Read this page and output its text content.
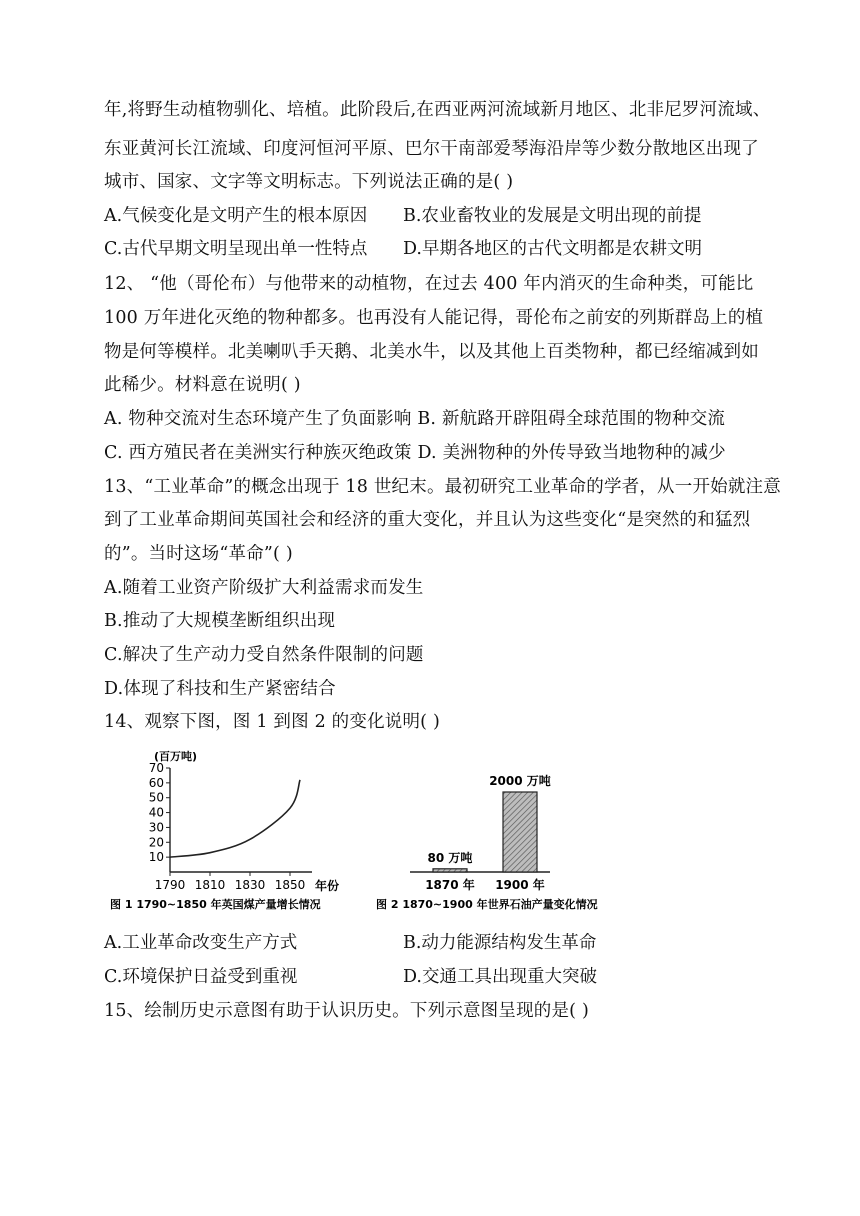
年,将野生动植物驯化、培植。此阶段后,在西亚两河流域新月地区、北非尼罗河流域、
东亚黄河长江流域、印度河恒河平原、巴尔干南部爱琴海沿岸等少数分散地区出现了
城市、国家、文字等文明标志。下列说法正确的是( )
A.气候变化是文明产生的根本原因 B.农业畜牧业的发展是文明出现的前提
C.古代早期文明呈现出单一性特点 D.早期各地区的古代文明都是农耕文明
12、 “他（哥伦布）与他带来的动植物，在过去 400 年内消灭的生命种类，可能比
100 万年进化灭绝的物种都多。也再没有人能记得，哥伦布之前安的列斯群岛上的植
物是何等模样。北美喇叭手天鹅、北美水牛，以及其他上百类物种，都已经缩减到如
此稀少。材料意在说明( )
A. 物种交流对生态环境产生了负面影响 B. 新航路开辟阻碍全球范围的物种交流
C. 西方殖民者在美洲实行种族灭绝政策 D. 美洲物种的外传导致当地物种的减少
13、“工业革命”的概念出现于 18 世纪末。最初研究工业革命的学者，从一开始就注意
到了工业革命期间英国社会和经济的重大变化，并且认为这些变化“是突然的和猛烈
的”。当时这场“革命”( )
A.随着工业资产阶级扩大利益需求而发生
B.推动了大规模垄断组织出现
C.解决了生产动力受自然条件限制的问题
D.体现了科技和生产紧密结合
14、观察下图，图 1 到图 2 的变化说明( )
(百万吨)
10
20
30
40
50
60
70
1790 1810 1830 1850 年份
图 1 1790~1850 年英国煤产量增长情况
80 万吨
1870 年
2000 万吨
1900 年
图 2 1870~1900 年世界石油产量变化情况
A.工业革命改变生产方式	B.动力能源结构发生革命
C.环境保护日益受到重视	D.交通工具出现重大突破
15、绘制历史示意图有助于认识历史。下列示意图呈现的是( )
